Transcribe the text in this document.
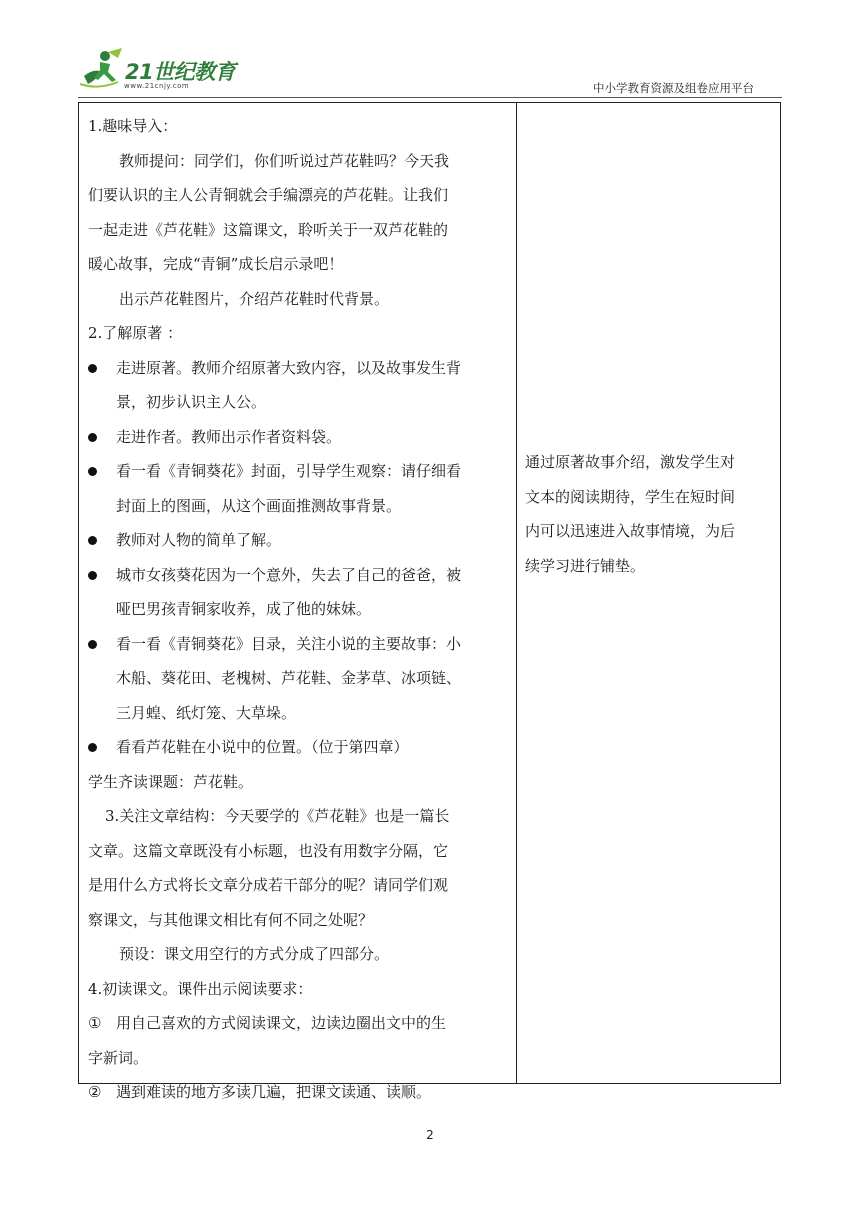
21世纪教育
www.21cnjy.com	中小学教育资源及组卷应用平台
1.趣味导入：
教师提问：同学们，你们听说过芦花鞋吗？今天我
们要认识的主人公青铜就会手编漂亮的芦花鞋。让我们
一起走进《芦花鞋》这篇课文，聆听关于一双芦花鞋的
暖心故事，完成“青铜”成长启示录吧！
出示芦花鞋图片，介绍芦花鞋时代背景。
2.了解原著 ：
走进原著。教师介绍原著大致内容，以及故事发生背
景，初步认识主人公。
走进作者。教师出示作者资料袋。
看一看《青铜葵花》封面，引导学生观察：请仔细看
封面上的图画，从这个画面推测故事背景。
教师对人物的简单了解。
城市女孩葵花因为一个意外，失去了自己的爸爸，被
哑巴男孩青铜家收养，成了他的妹妹。
看一看《青铜葵花》目录，关注小说的主要故事：小
木船、葵花田、老槐树、芦花鞋、金茅草、冰项链、
三月蝗、纸灯笼、大草垛。
看看芦花鞋在小说中的位置。（位于第四章）
学生齐读课题：芦花鞋。
3.关注文章结构：今天要学的《芦花鞋》也是一篇长
文章。这篇文章既没有小标题，也没有用数字分隔，它
是用什么方式将长文章分成若干部分的呢？请同学们观
察课文，与其他课文相比有何不同之处呢？
预设：课文用空行的方式分成了四部分。
4.初读课文。课件出示阅读要求：
① 用自己喜欢的方式阅读课文，边读边圈出文中的生
字新词。
② 遇到难读的地方多读几遍，把课文读通、读顺。
通过原著故事介绍，激发学生对
文本的阅读期待，学生在短时间
内可以迅速进入故事情境，为后
续学习进行铺垫。
2
